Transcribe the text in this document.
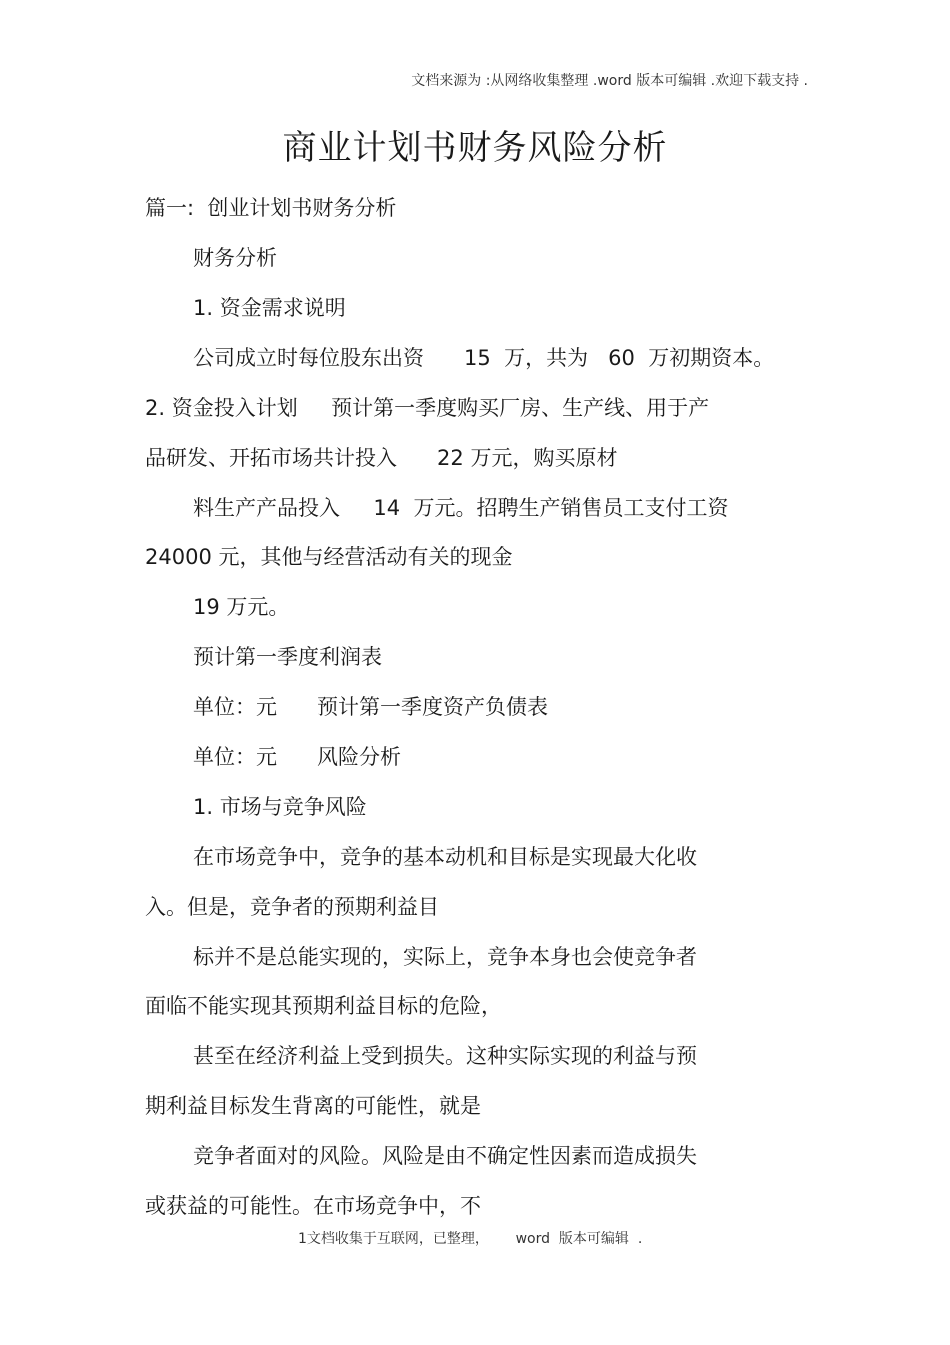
文档来源为 :从网络收集整理 .word 版本可编辑 .欢迎下载支持 .
商业计划书财务风险分析
篇一:  创业计划书财务分析
财务分析
1. 资金需求说明
公司成立时每位股东出资      15  万，共为   60  万初期资本。
2. 资金投入计划     预计第一季度购买厂房、生产线、用于产
品研发、开拓市场共计投入      22 万元，购买原材
料生产产品投入     14  万元。招聘生产销售员工支付工资
24000 元，其他与经营活动有关的现金
19 万元。
预计第一季度利润表
单位：元      预计第一季度资产负债表
单位：元      风险分析
1. 市场与竞争风险
在市场竞争中，竞争的基本动机和目标是实现最大化收
入。但是，竞争者的预期利益目
标并不是总能实现的，实际上，竞争本身也会使竞争者
面临不能实现其预期利益目标的危险，
甚至在经济利益上受到损失。这种实际实现的利益与预
期利益目标发生背离的可能性，就是
竞争者面对的风险。风险是由不确定性因素而造成损失
或获益的可能性。在市场竞争中，不
1文档收集于互联网，已整理，      word  版本可编辑  .
